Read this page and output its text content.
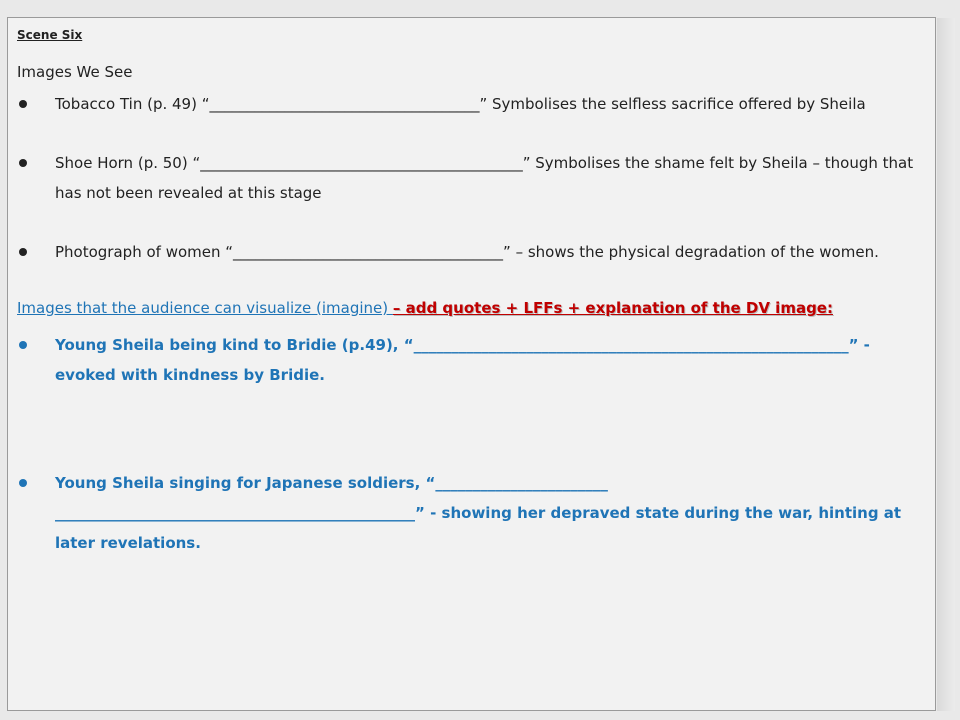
Scene Six
Images We See
Tobacco Tin (p. 49) “____________________________________” Symbolises the selfless sacrifice offered by Sheila
Shoe Horn (p. 50) “___________________________________________” Symbolises the shame felt by Sheila – though that has not been revealed at this stage
Photograph of women “____________________________________” – shows the physical degradation of the women.
Images that the audience can visualize (imagine) – add quotes + LFFs + explanation of the DV image:
Young Sheila being kind to Bridie (p.49), “__________________________________________________________” - evoked with kindness by Bridie.
Young Sheila singing for Japanese soldiers, “_______________________ ________________________________________________” - showing her depraved state during the war, hinting at later revelations.
